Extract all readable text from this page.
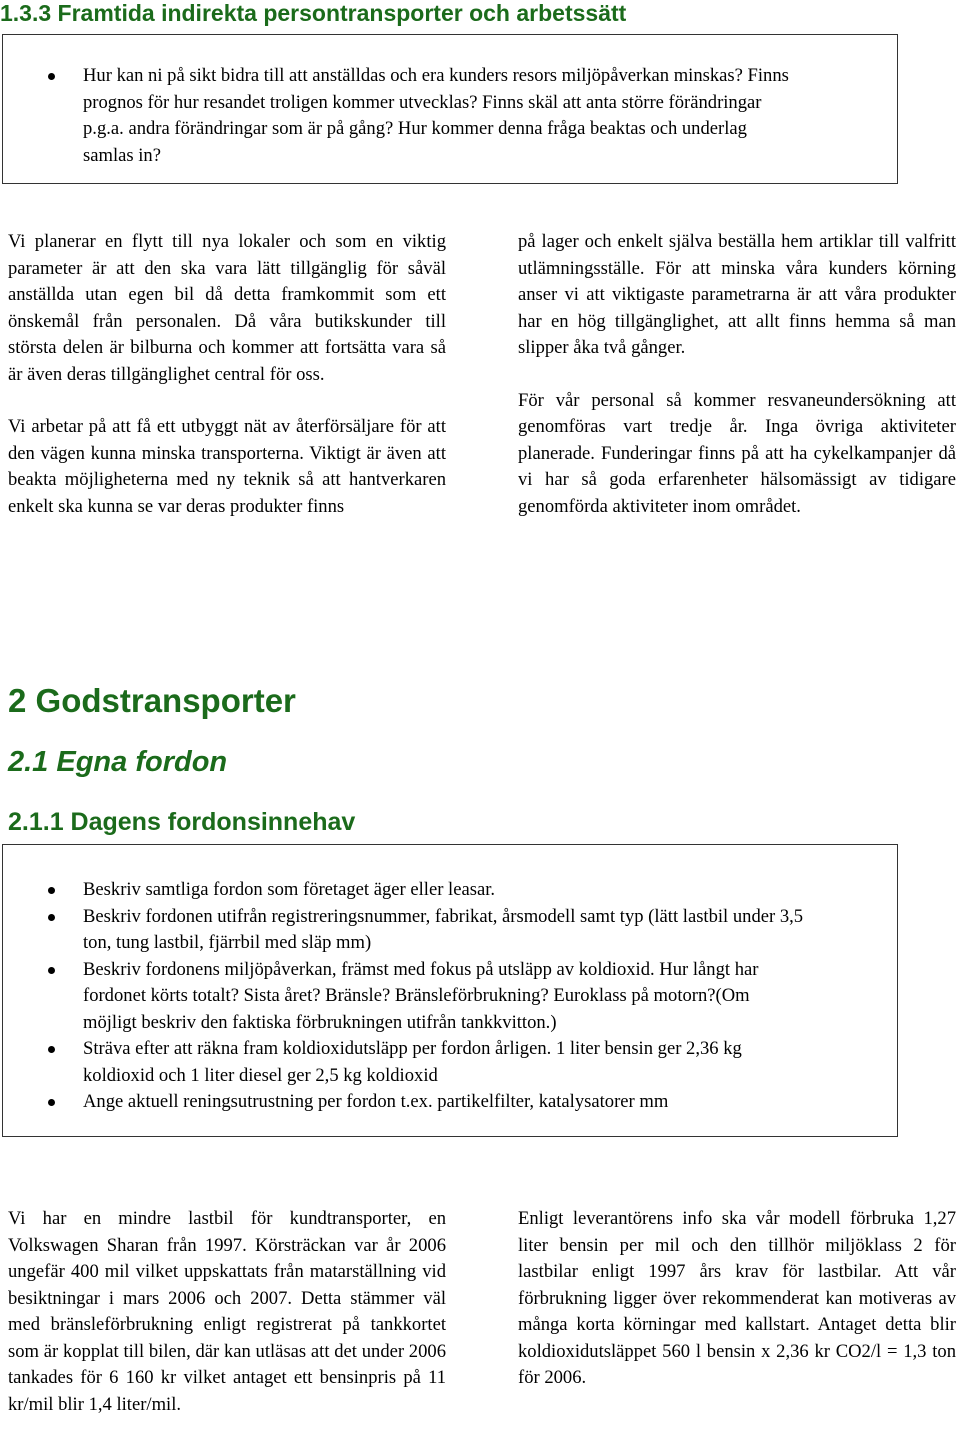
1.3.3 Framtida indirekta persontransporter och arbetssätt
Hur kan ni på sikt bidra till att anställdas och era kunders resors miljöpåverkan minskas? Finns prognos för hur resandet troligen kommer utvecklas? Finns skäl att anta större förändringar p.g.a. andra förändringar som är på gång? Hur kommer denna fråga beaktas och underlag samlas in?

Vi planerar en flytt till nya lokaler och som en viktig parameter är att den ska vara lätt tillgänglig för såväl anställda utan egen bil då detta framkommit som ett önskemål från personalen. Då våra butikskunder till största delen är bilburna och kommer att fortsätta vara så är även deras tillgänglighet central för oss.

Vi arbetar på att få ett utbyggt nät av återförsäljare för att den vägen kunna minska transporterna. Viktigt är även att beakta möjligheterna med ny teknik så att hantverkaren enkelt ska kunna se var deras produkter finns

på lager och enkelt själva beställa hem artiklar till valfritt utlämningsställe. För att minska våra kunders körning anser vi att viktigaste parametrarna är att våra produkter har en hög tillgänglighet, att allt finns hemma så man slipper åka två gånger.

För vår personal så kommer resvaneundersökning att genomföras vart tredje år. Inga övriga aktiviteter planerade. Funderingar finns på att ha cykelkampanjer då vi har så goda erfarenheter hälsomässigt av tidigare genomförda aktiviteter inom området.

2 Godstransporter
2.1 Egna fordon
2.1.1 Dagens fordonsinnehav
Beskriv samtliga fordon som företaget äger eller leasar.
Beskriv fordonen utifrån registreringsnummer, fabrikat, årsmodell samt typ (lätt lastbil under 3,5 ton, tung lastbil, fjärrbil med släp mm)
Beskriv fordonens miljöpåverkan, främst med fokus på utsläpp av koldioxid. Hur långt har fordonet körts totalt? Sista året? Bränsle? Bränsleförbrukning? Euroklass på motorn?(Om möjligt beskriv den faktiska förbrukningen utifrån tankkvitton.)
Sträva efter att räkna fram koldioxidutsläpp per fordon årligen. 1 liter bensin ger 2,36 kg koldioxid och 1 liter diesel ger 2,5 kg koldioxid
Ange aktuell reningsutrustning per fordon t.ex. partikelfilter, katalysatorer mm

Vi har en mindre lastbil för kundtransporter, en Volkswagen Sharan från 1997. Körsträckan var år 2006 ungefär 400 mil vilket uppskattats från matarställning vid besiktningar i mars 2006 och 2007. Detta stämmer väl med bränsleförbrukning enligt registrerat på tankkortet som är kopplat till bilen, där kan utläsas att det under 2006 tankades för 6 160 kr vilket antaget ett bensinpris på 11 kr/mil blir 1,4 liter/mil.

Enligt leverantörens info ska vår modell förbruka 1,27 liter bensin per mil och den tillhör miljöklass 2 för lastbilar enligt 1997 års krav för lastbilar. Att vår förbrukning ligger över rekommenderat kan motiveras av många korta körningar med kallstart. Antaget detta blir koldioxidutsläppet 560 l bensin x 2,36 kr CO2/l = 1,3 ton för 2006.
